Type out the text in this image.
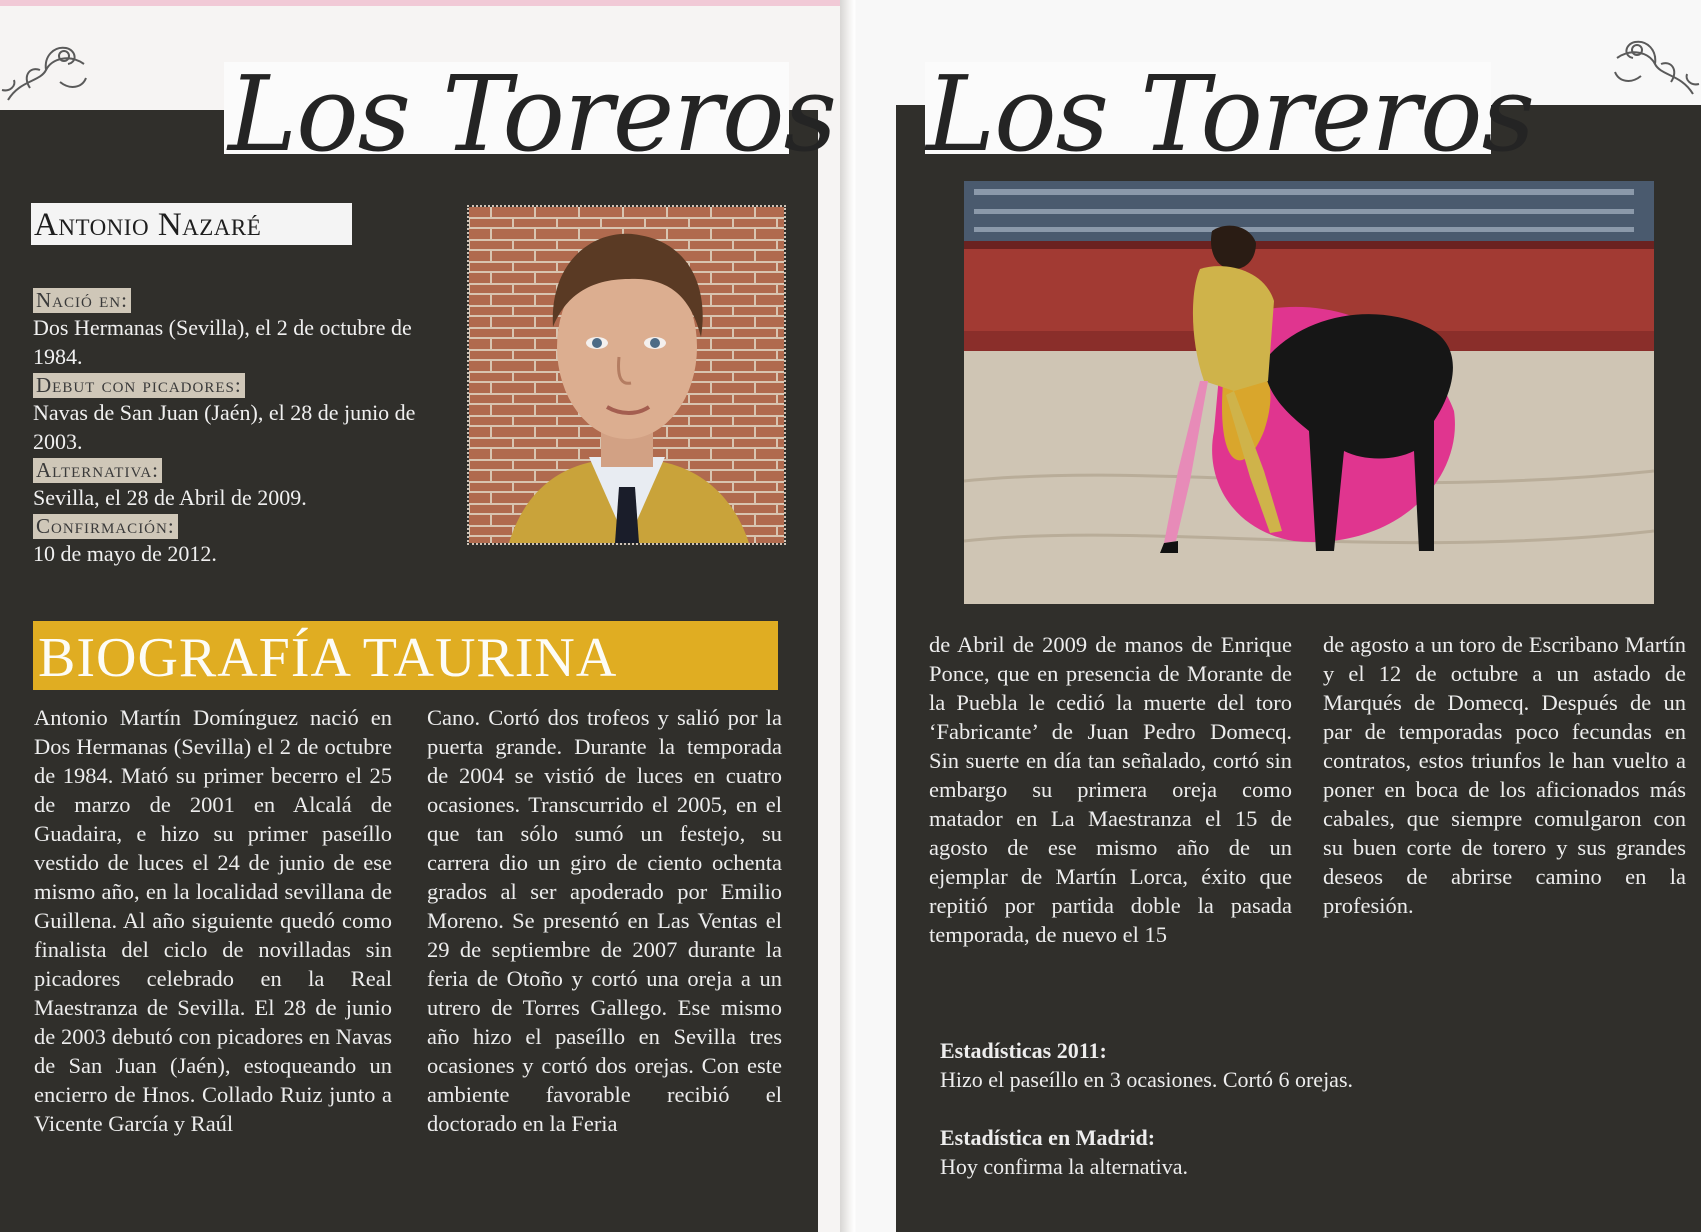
Los Toreros
Antonio Nazaré
Nació en:
Dos Hermanas (Sevilla), el 2 de octubre de 1984.
Debut con picadores:
Navas de San Juan (Jaén), el 28 de junio de 2003.
Alternativa:
Sevilla, el 28 de Abril de 2009.
Confirmación:
10 de mayo de 2012.
BIOGRAFÍA TAURINA
Antonio Martín Domínguez nació en Dos Hermanas (Sevilla) el 2 de octubre de 1984. Mató su primer becerro el 25 de marzo de 2001 en Alcalá de Guadaira, e hizo su primer paseíllo vestido de luces el 24 de junio de ese mismo año, en la localidad sevillana de Guillena. Al año siguiente quedó como finalista del ciclo de novilladas sin picadores celebrado en la Real Maestranza de Sevilla. El 28 de junio de 2003 debutó con picadores en Navas de San Juan (Jaén), estoqueando un encierro de Hnos. Collado Ruiz junto a Vicente García y Raúl
Cano. Cortó dos trofeos y salió por la puerta grande. Durante la temporada de 2004 se vistió de luces en cuatro ocasiones. Transcurrido el 2005, en el que tan sólo sumó un festejo, su carrera dio un giro de ciento ochenta grados al ser apoderado por Emilio Moreno. Se presentó en Las Ventas el 29 de septiembre de 2007 durante la feria de Otoño y cortó una oreja a un utrero de Torres Gallego. Ese mismo año hizo el paseíllo en Sevilla tres ocasiones y cortó dos orejas. Con este ambiente favorable recibió el doctorado en la Feria
Los Toreros
de Abril de 2009 de manos de Enrique Ponce, que en presencia de Morante de la Puebla le cedió la muerte del toro ‘Fabricante’ de Juan Pedro Domecq. Sin suerte en día tan señalado, cortó sin embargo su primera oreja como matador en La Maestranza el 15 de agosto de ese mismo año de un ejemplar de Martín Lorca, éxito que repitió por partida doble la pasada temporada, de nuevo el 15
de agosto a un toro de Escribano Martín y el 12 de octubre a un astado de Marqués de Domecq. Después de un par de temporadas poco fecundas en contratos, estos triunfos le han vuelto a poner en boca de los aficionados más cabales, que siempre comulgaron con su buen corte de torero y sus grandes deseos de abrirse camino en la profesión.
Estadísticas 2011:
Hizo el paseíllo en 3 ocasiones. Cortó 6 orejas.
Estadística en Madrid:
Hoy confirma la alternativa.
